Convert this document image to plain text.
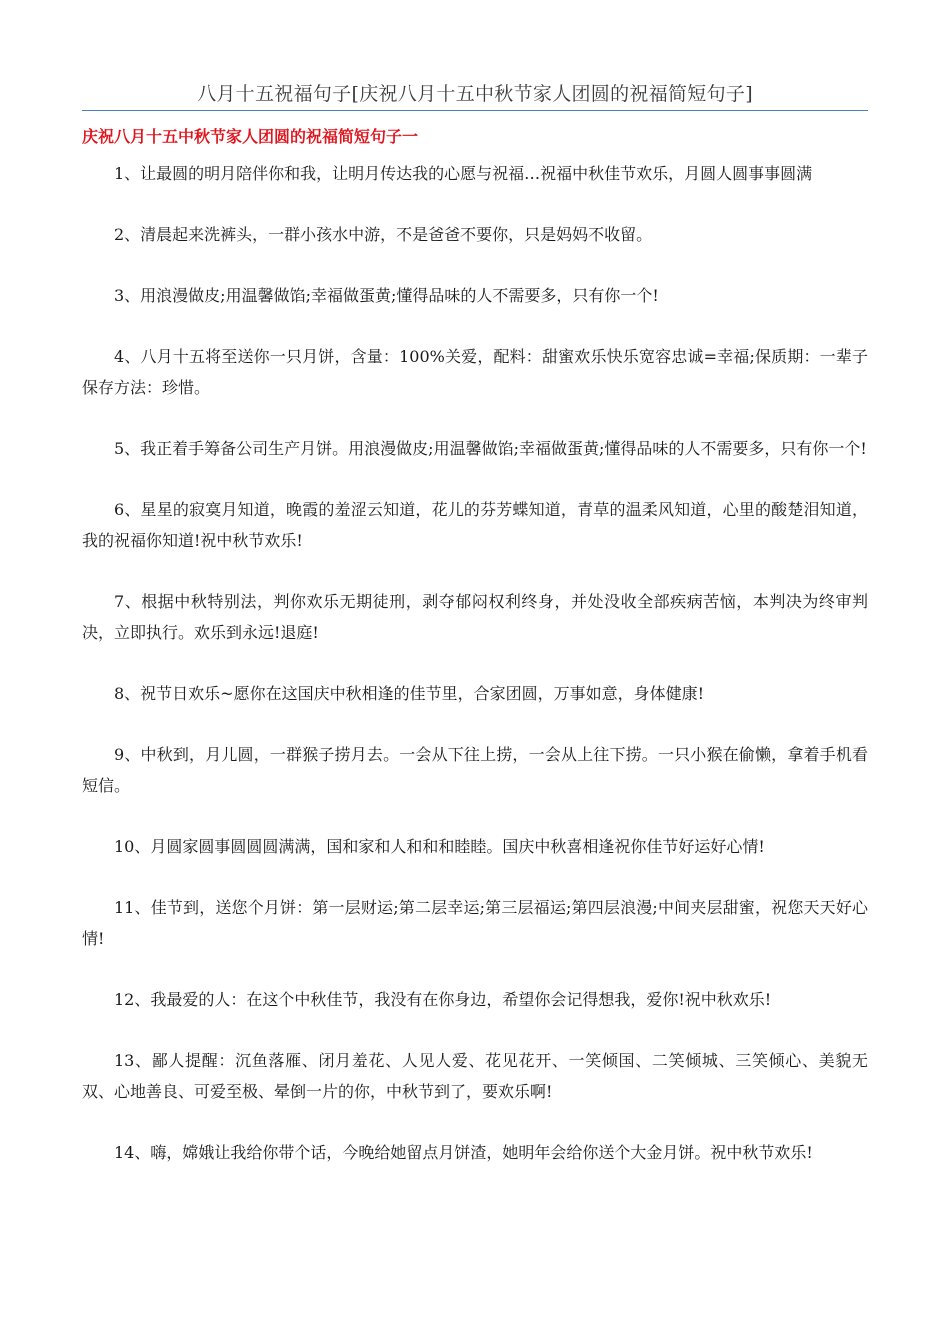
八月十五祝福句子[庆祝八月十五中秋节家人团圆的祝福简短句子]
庆祝八月十五中秋节家人团圆的祝福简短句子一
1、让最圆的明月陪伴你和我，让明月传达我的心愿与祝福…祝福中秋佳节欢乐，月圆人圆事事圆满
2、清晨起来洗裤头，一群小孩水中游，不是爸爸不要你，只是妈妈不收留。
3、用浪漫做皮;用温馨做馅;幸福做蛋黄;懂得品味的人不需要多，只有你一个!
4、八月十五将至送你一只月饼，含量：100%关爱，配料：甜蜜欢乐快乐宽容忠诚=幸福;保质期：一辈子保存方法：珍惜。
5、我正着手筹备公司生产月饼。用浪漫做皮;用温馨做馅;幸福做蛋黄;懂得品味的人不需要多，只有你一个!
6、星星的寂寞月知道，晚霞的羞涩云知道，花儿的芬芳蝶知道，青草的温柔风知道，心里的酸楚泪知道，我的祝福你知道!祝中秋节欢乐!
7、根据中秋特别法，判你欢乐无期徒刑，剥夺郁闷权利终身，并处没收全部疾病苦恼，本判决为终审判决，立即执行。欢乐到永远!退庭!
8、祝节日欢乐~愿你在这国庆中秋相逢的佳节里，合家团圆，万事如意，身体健康!
9、中秋到，月儿圆，一群猴子捞月去。一会从下往上捞，一会从上往下捞。一只小猴在偷懒，拿着手机看短信。
10、月圆家圆事圆圆圆满满，国和家和人和和和睦睦。国庆中秋喜相逢祝你佳节好运好心情!
11、佳节到，送您个月饼：第一层财运;第二层幸运;第三层福运;第四层浪漫;中间夹层甜蜜，祝您天天好心情!
12、我最爱的人：在这个中秋佳节，我没有在你身边，希望你会记得想我，爱你!祝中秋欢乐!
13、鄙人提醒：沉鱼落雁、闭月羞花、人见人爱、花见花开、一笑倾国、二笑倾城、三笑倾心、美貌无双、心地善良、可爱至极、晕倒一片的你，中秋节到了，要欢乐啊!
14、嗨，嫦娥让我给你带个话，今晚给她留点月饼渣，她明年会给你送个大金月饼。祝中秋节欢乐!
